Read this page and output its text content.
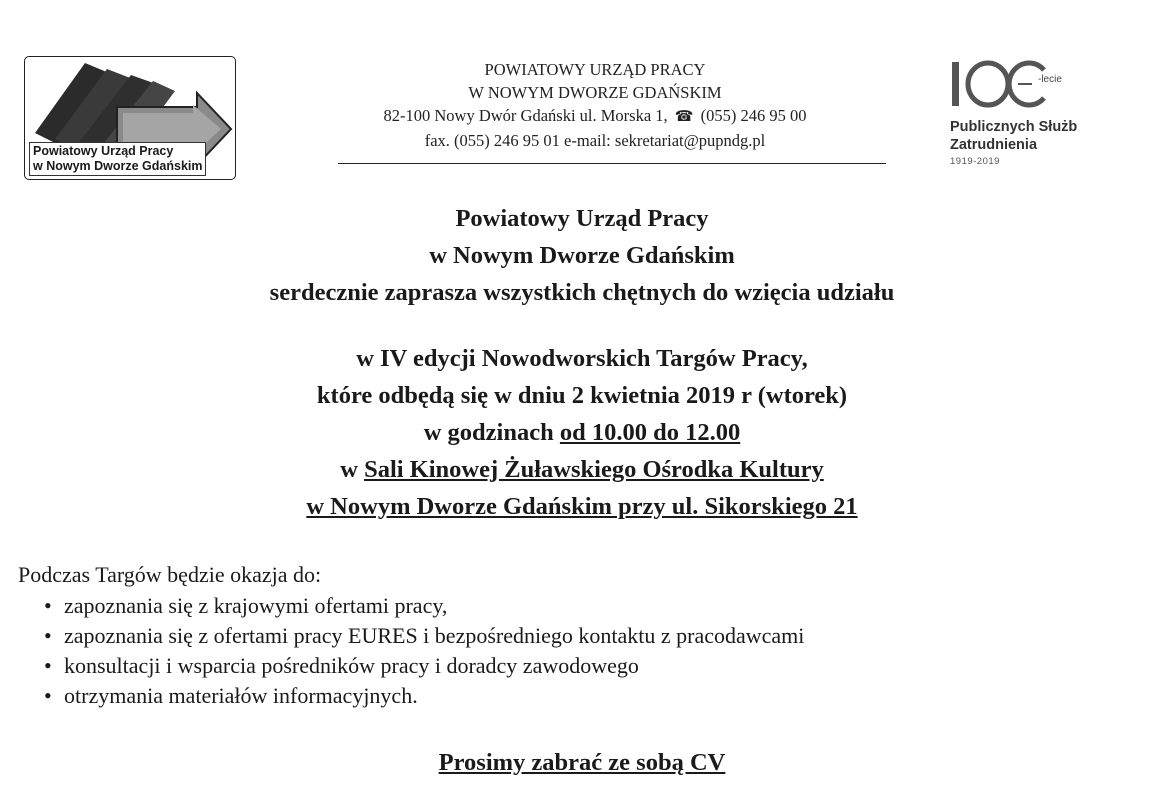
Powiatowy Urząd Pracy
w Nowym Dworze Gdańskim
POWIATOWY URZĄD PRACY
W NOWYM DWORZE GDAŃSKIM
82-100 Nowy Dwór Gdański ul. Morska 1, ☎ (055) 246 95 00
fax. (055) 246 95 01 e-mail: sekretariat@pupndg.pl
-lecie
Publicznych Służb
Zatrudnienia
1919-2019
Powiatowy Urząd Pracy
w Nowym Dworze Gdańskim
serdecznie zaprasza wszystkich chętnych do wzięcia udziału
w IV edycji Nowodworskich Targów Pracy,
które odbędą się w dniu 2 kwietnia 2019 r (wtorek)
w godzinach od 10.00 do 12.00
w Sali Kinowej Żuławskiego Ośrodka Kultury
w Nowym Dworze Gdańskim przy ul. Sikorskiego 21
Podczas Targów będzie okazja do:
• zapoznania się z krajowymi ofertami pracy,
• zapoznania się z ofertami pracy EURES i bezpośredniego kontaktu z pracodawcami
• konsultacji i wsparcia pośredników pracy i doradcy zawodowego
• otrzymania materiałów informacyjnych.
Prosimy zabrać ze sobą CV
